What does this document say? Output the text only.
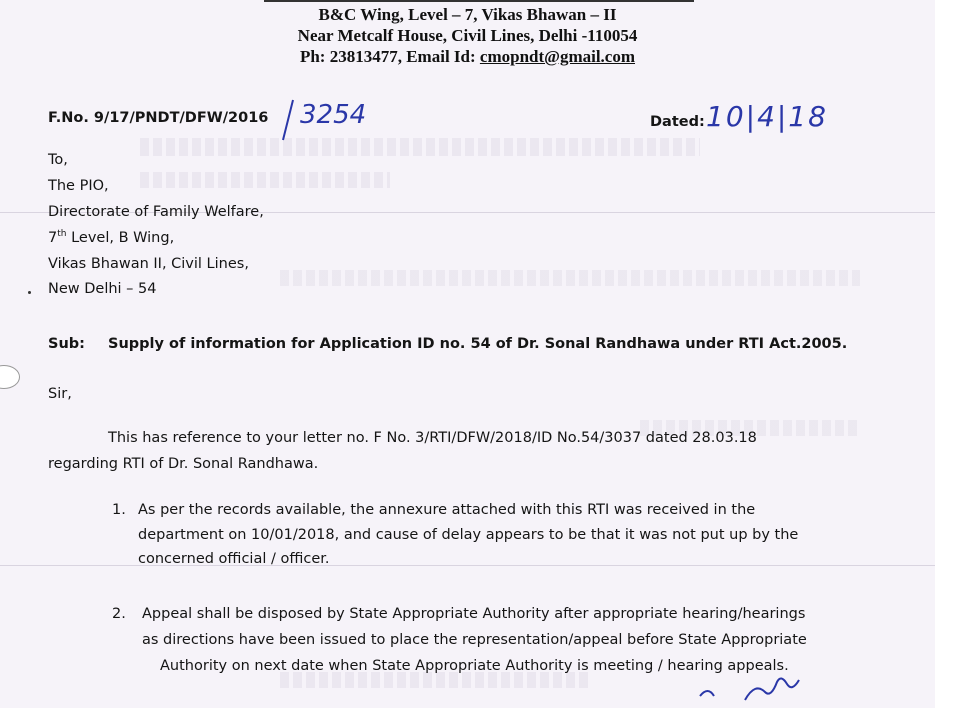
B&C Wing, Level – 7, Vikas Bhawan – II
Near Metcalf House, Civil Lines, Delhi -110054
Ph: 23813477, Email Id: cmopndt@gmail.com
F.No. 9/17/PNDT/DFW/2016 3254	Dated: 10|4|18
To,
The PIO,
Directorate of Family Welfare,
7th Level, B Wing,
Vikas Bhawan II, Civil Lines,
New Delhi – 54
Sub: Supply of information for Application ID no. 54 of Dr. Sonal Randhawa under RTI Act.2005.
Sir,
This has reference to your letter no. F No. 3/RTI/DFW/2018/ID No.54/3037 dated 28.03.18
regarding RTI of Dr. Sonal Randhawa.
1. As per the records available, the annexure attached with this RTI was received in the
department on 10/01/2018, and cause of delay appears to be that it was not put up by the
concerned official / officer.
2. Appeal shall be disposed by State Appropriate Authority after appropriate hearing/hearings
as directions have been issued to place the representation/appeal before State Appropriate
Authority on next date when State Appropriate Authority is meeting / hearing appeals.
